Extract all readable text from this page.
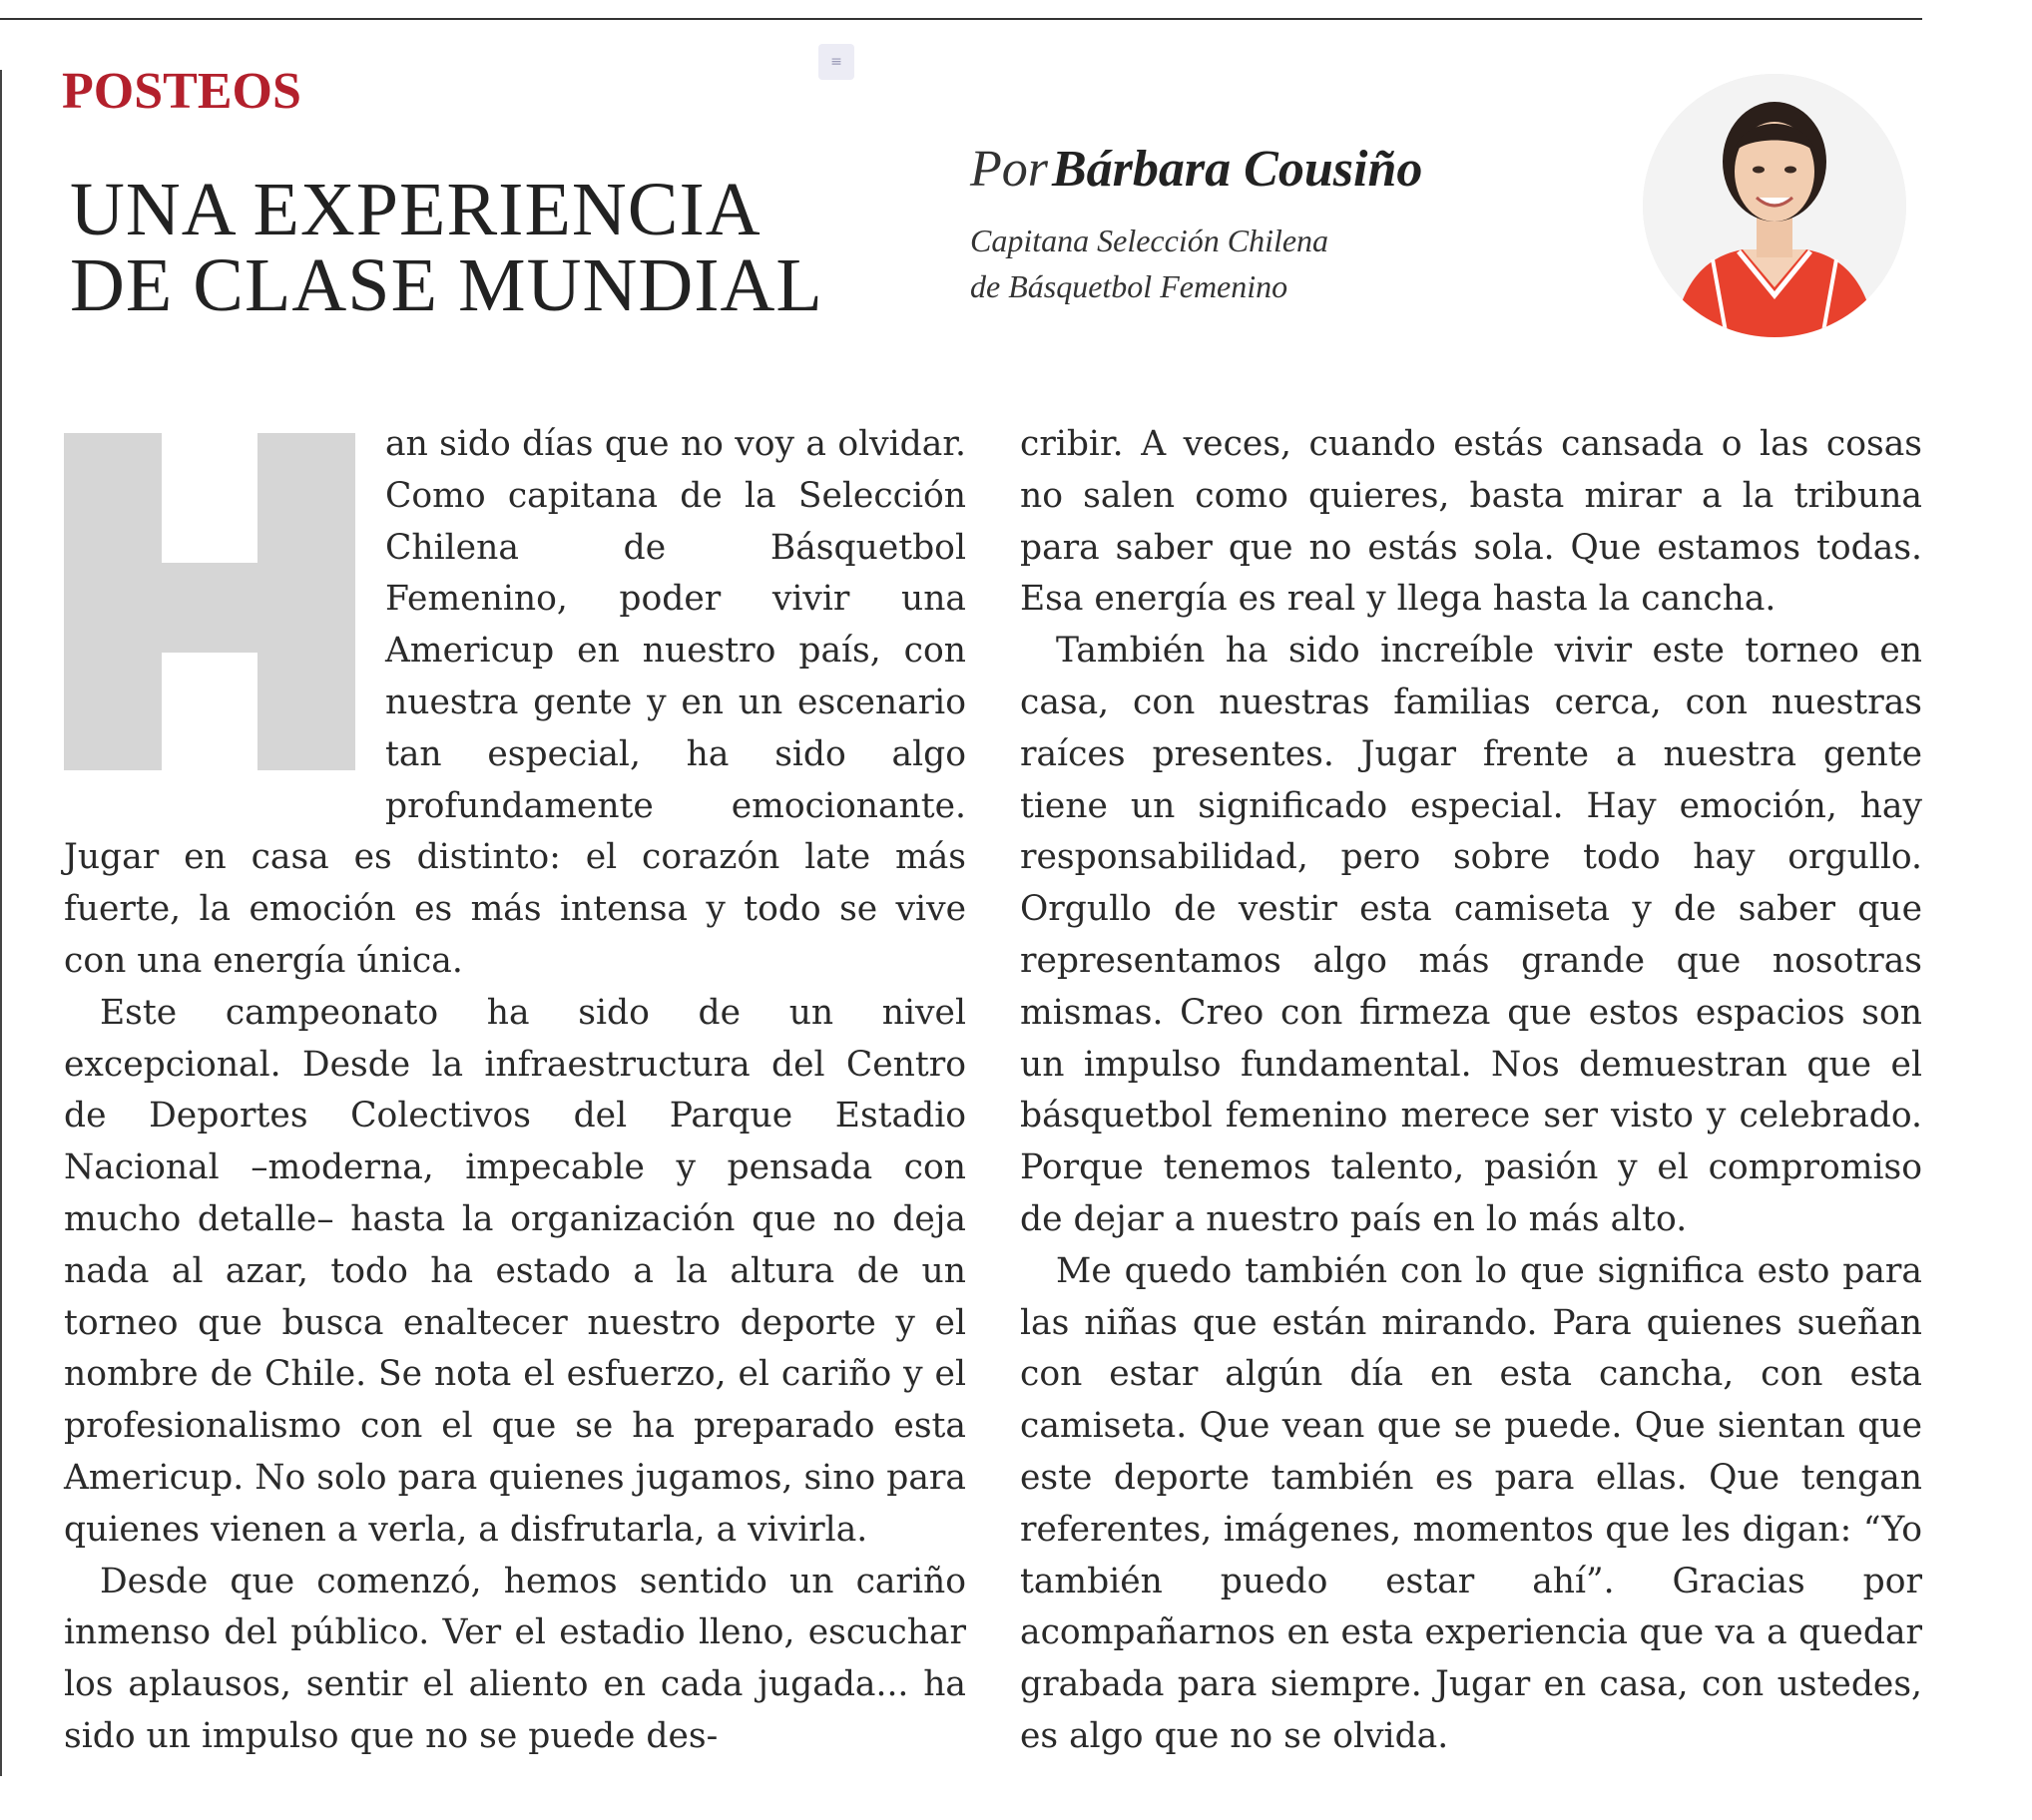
≡
POSTEOS
UNA EXPERIENCIA
DE CLASE MUNDIAL
Por Bárbara Cousiño
Capitana Selección Chilena
de Básquetbol Femenino

an sido días que no voy a olvidar. Como capitana de la Selección Chilena de Básquetbol Femenino, poder vivir una Americup en nuestro país, con nuestra gente y en un escenario tan especial, ha sido algo profundamente emocionante. Jugar en casa es distinto: el corazón late más fuerte, la emoción es más intensa y todo se vive con una energía única.

Este campeonato ha sido de un nivel excepcional. Desde la infraestructura del Centro de Deportes Colectivos del Parque Estadio Nacional –moderna, impecable y pensada con mucho detalle– hasta la organización que no deja nada al azar, todo ha estado a la altura de un torneo que busca enaltecer nuestro deporte y el nombre de Chile. Se nota el esfuerzo, el cariño y el profesionalismo con el que se ha preparado esta Americup. No solo para quienes jugamos, sino para quienes vienen a verla, a disfrutarla, a vivirla.

Desde que comenzó, hemos sentido un cariño inmenso del público. Ver el estadio lleno, escuchar los aplausos, sentir el aliento en cada jugada... ha sido un impulso que no se puede des-

cribir. A veces, cuando estás cansada o las cosas no salen como quieres, basta mirar a la tribuna para saber que no estás sola. Que estamos todas. Esa energía es real y llega hasta la cancha.

También ha sido increíble vivir este torneo en casa, con nuestras familias cerca, con nuestras raíces presentes. Jugar frente a nuestra gente tiene un significado especial. Hay emoción, hay responsabilidad, pero sobre todo hay orgullo. Orgullo de vestir esta camiseta y de saber que representamos algo más grande que nosotras mismas. Creo con firmeza que estos espacios son un impulso fundamental. Nos demuestran que el básquetbol femenino merece ser visto y celebrado. Porque tenemos talento, pasión y el compromiso de dejar a nuestro país en lo más alto.

Me quedo también con lo que significa esto para las niñas que están mirando. Para quienes sueñan con estar algún día en esta cancha, con esta camiseta. Que vean que se puede. Que sientan que este deporte también es para ellas. Que tengan referentes, imágenes, momentos que les digan: “Yo también puedo estar ahí”. Gracias por acompañarnos en esta experiencia que va a quedar grabada para siempre. Jugar en casa, con ustedes, es algo que no se olvida.
